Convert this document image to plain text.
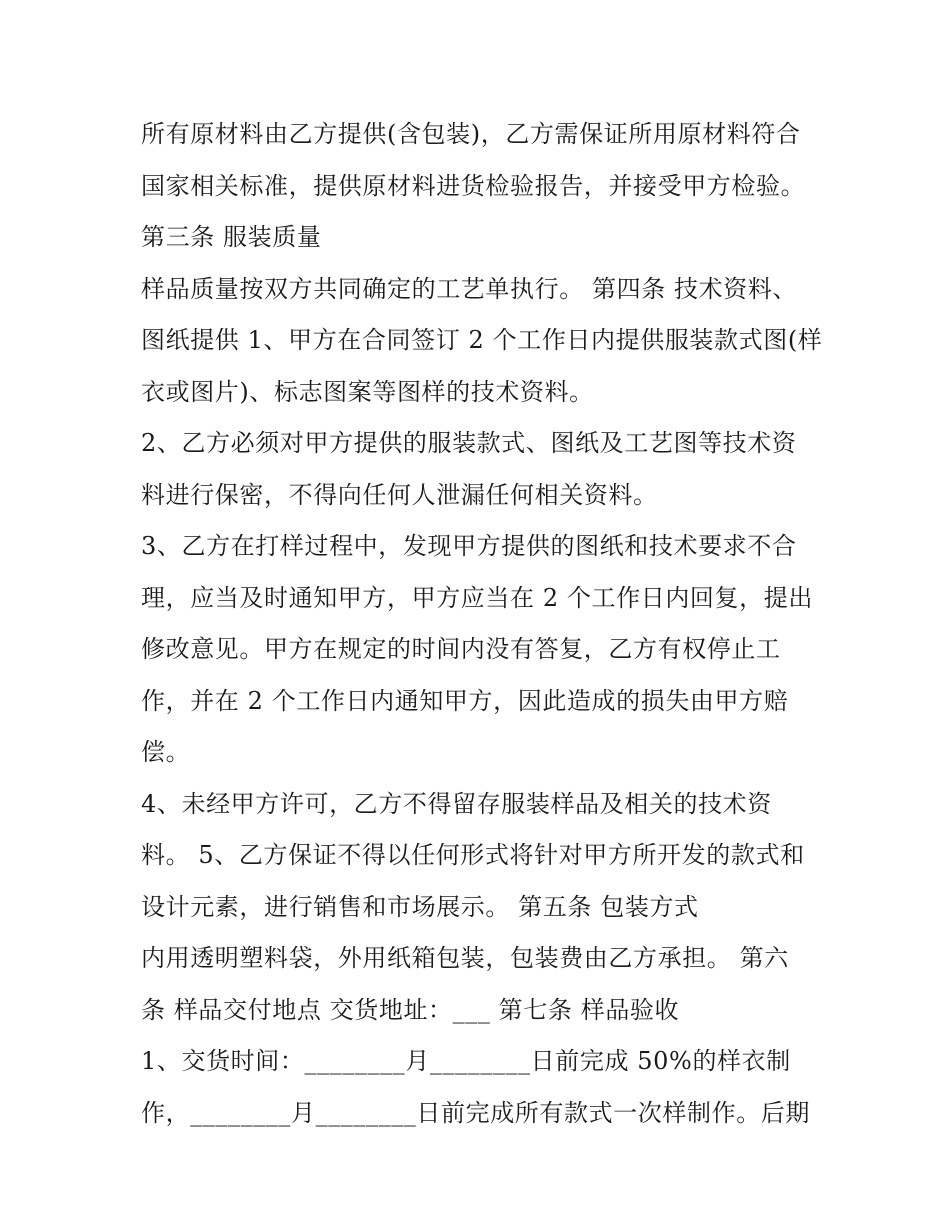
所有原材料由乙方提供(含包装)，乙方需保证所用原材料符合
国家相关标准，提供原材料进货检验报告，并接受甲方检验。
第三条 服装质量
样品质量按双方共同确定的工艺单执行。 第四条 技术资料、
图纸提供 1、甲方在合同签订 2 个工作日内提供服装款式图(样
衣或图片)、标志图案等图样的技术资料。
2、乙方必须对甲方提供的服装款式、图纸及工艺图等技术资
料进行保密，不得向任何人泄漏任何相关资料。
3、乙方在打样过程中，发现甲方提供的图纸和技术要求不合
理，应当及时通知甲方，甲方应当在 2 个工作日内回复，提出
修改意见。甲方在规定的时间内没有答复，乙方有权停止工
作，并在 2 个工作日内通知甲方，因此造成的损失由甲方赔
偿。
4、未经甲方许可，乙方不得留存服装样品及相关的技术资
料。 5、乙方保证不得以任何形式将针对甲方所开发的款式和
设计元素，进行销售和市场展示。 第五条 包装方式
内用透明塑料袋，外用纸箱包装，包装费由乙方承担。 第六
条 样品交付地点 交货地址：___ 第七条 样品验收
1、交货时间：________月________日前完成 50%的样衣制
作，________月________日前完成所有款式一次样制作。后期
